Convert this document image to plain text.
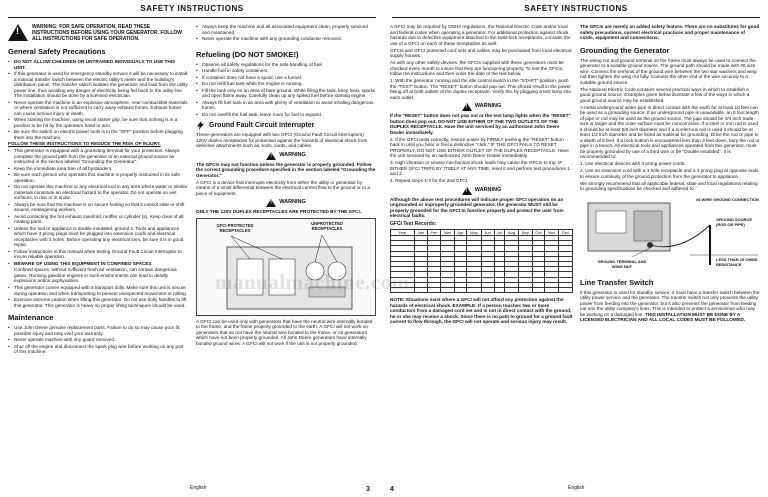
SAFETY INSTRUCTIONS
!
WARNING: FOR SAFE OPERATION, READ THESE INSTRUCTIONS BEFORE USING YOUR GENERATOR. FOLLOW ALL INSTRUCTIONS FOR SAFE OPERATION.
General Safety Precautions
• DO NOT ALLOW CHILDREN OR UNTRAINED INDIVIDUALS TO USE THIS UNIT.
• If this generator is used for emergency standby service it will be necessary to install a manual transfer switch between the electric utility's meter and the building's distribution panel. The transfer switch isolates the generator and load from the utility power line, thus avoiding any danger of electricity being fed back to the utility line. The installation should be done by a licensed electrician.
• Never operate the machine in an explosive atmosphere, near combustible materials or where ventilation is not sufficient to carry away exhaust fumes. Exhaust fumes can cause serious injury or death.
• When starting the machine, using recoil starter grip, be sure that nothing is in a position to be hit by the operators hand or arm.
• Be sure the switch on electric power tools is in the "OFF" position before plugging them into the machine.

FOLLOW THESE INSTRUCTIONS TO REDUCE THE RISK OF INJURY.

• This generator is equipped with a grounding terminal for your protection. Always complete the ground path from the generator to an external ground source as instructed in the section labeled "Grounding the Generator".
• Keep the immediate area free of all bystanders.
• Be sure each person who operates this machine is properly instructed in its safe operation.
• Do not operate this machine or any electrical tool in any area where water or similar materials constitute an electrical hazard to the operator. Do not operate on wet surfaces, in rain or in snow.
• Always be sure that the machine is on secure footing so that it cannot slide or shift around, endangering workers.
• Avoid contacting the hot exhaust manifold, muffler or cylinder (s). Keep clear of all rotating parts.
• Unless the tool or appliance is double insulated, ground it. Tools and appliances which have 3 prong plugs must be plugged into extension cords and electrical receptacles with 3 holes. Before operating any electrical item, be sure it is in good repair.
• Follow instructions in this manual when testing Ground Fault Circuit Interrupter to insure reliable operation.
• BEWARE OF USING THIS EQUIPMENT IN CONFINED SPACES

Confined spaces, without sufficient fresh air ventilation, can contain dangerous gases. Running gasoline engines in such environments can lead to deadly explosions and/or asphyxiation.

• This generator comes equipped with a transport dolly. Make sure this unit is secure during operation and when transporting to prevent unexpected movement or rolling.
• Exercise extreme caution when lifting this generator. Do not use dolly handles to lift this generator. This generator is heavy so proper lifting techniques should be used.
Maintenance
• Use John Deere genuine replacement parts. Failure to do so may cause poor fit, possible injury and may void your warranty.
• Never operate machine with any guard removed.
• Shut off the engine and disconnect the spark plug wire before working on any part of this machine.
• Always keep the machine and all associated equipment clean, properly serviced and maintained.
• Never operate the machine with any grounding conductor removed.
Refueling (DO NOT SMOKE!)
• Observe all safety regulations for the safe handling of fuel.
• Handle fuel in safety containers.
• If container does not have a spout, use a funnel.
• Do not refill fuel tank while the engine is running.
• Fill the tank only on an area of bare ground. While filling the tank, keep heat, sparks and open flame away. Carefully clean up any spilled fuel before starting engine.
• Always fill fuel tank in an area with plenty of ventilation to avoid inhaling dangerous fumes.
• Do not overfill the fuel tank, leave room for fuel to expand.
Ground Fault Circuit Interrupter

These generators are equipped with two GFCI (Ground Fault Circuit Interrupters) 120V duplex receptacles for protection against the hazards of electrical shock from defective attachments such as, tools, cords, and cables.

!
WARNING

The GFCIs may not function unless the generator is properly grounded. Follow the correct grounding procedure specified in the section labeled "Grounding the Generator."

A GFCI is a device that interrupts electricity from either the utility or generator by means of a small differential between the electrical current flow to the ground or to a piece of equipment.

!
WARNING

ONLY THE 120V DUPLEX RECEPTACLES ARE PROTECTED BY THE GFCI.

GFCI PROTECTED RECEPTACLES
UNPROTECTED RECEPTACLES

A GFCI can be used only with generators that have the neutral wire internally bonded to the frame, and the frame properly grounded to the earth. A GFCI will not work on generators that do not have the neutral wire bonded to the frame, or on generators which have not been properly grounded. All John Deere generators have internally bonded ground wires. A GFCI will not work if the unit is not properly grounded.

English	3
SAFETY INSTRUCTIONS

A GFCI may be required by OSHA regulations, the National Electric Code and/or local and federal codes when operating a generator. For additional protection against shock hazards due to defective equipment attached to the twist-lock receptacles, consider the use of a GFCI on each of these receptacles as well.

GFCIs and GFCI protected cord sets and cables may be purchased from local electrical supply houses.

As with any other safety devices, the GFCIs supplied with these generators must be checked every month to insure that they are functioning properly. To test the GFCIs, follow the instructions and then order the date of the test below.

1. With the generator running and the idle control switch in the "START" position, push the "TEST" button. The "RESET" button should pop out. This should result in the power being off at both outlets of the duplex receptacle. Verify this by plugging a test lamp into each outlet.

!
WARNING

If the "RESET" button does not pop out or the test lamp lights when the "RESET" button does pop out, DO NOT USE EITHER OF THE TWO OUTLETS OF THE DUPLEX RECEPTACLE. Have the unit serviced by an authorized John Deere Dealer immediately.

2. If the GFCI tests correctly, restore power by FIRMLY pushing the "RESET" button back in until you hear or feel a distinctive "click." IF THE GFCI FAILS TO RESET PROPERLY, DO NOT USE EITHER OUTLET OF THE DUPLEX RECEPTACLE. Have the unit serviced by an authorized John Deere Dealer immediately.

3. High vibration or severe mechanical shock loads may cause the GFCIs to trip. IF EITHER GFCI TRIPS BY ITSELF AT ANY TIME, reset it and perform test procedures 1. and 2.

4. Repeat steps 1-3 for the 2nd GFCI.

!
WARNING

Although the above test procedures will indicate proper GFCI operation on an ungrounded or improperly grounded generator, the generator MUST still be properly grounded for the GFCI to function properly and protect the user from electrical faults.

GFCI Test Records:

Year	Jan	Feb	Mar	Apr	May	Jun	Jul	Aug	Sep	Oct	Nov	Dec

NOTE: Situations exist where a GFCI will not afford any protection against the hazards of electrical shock. EXAMPLE: If a person touches two or more conductors from a damaged cord set and is not in direct contact with the ground, he or she may receive a shock. Since there is no path to ground for a ground fault current to flow through, the GFCI will not operate and serious injury may result.

The GFCIs are merely an added safety feature. There are no substitutes for good safety precautions, correct electrical practices and proper maintenance of cords, equipment and connections.

Grounding the Generator

The wiring nut and ground terminal on the frame must always be used to connect the generator to a suitable ground source. The ground path should be made with #8 size wire. Connect the terminal of the ground wire between the two star washers and wing nut then tighten the wing nut fully. Connect the other end of the wire securely to a suitable ground source.

The National Electric Code contains several practical ways in which to establish a good ground source. Examples given below illustrate a few of the ways in which a good ground source may be established.

A metal underground water pipe in direct contact with the earth for at least 10 feet can be used as a grounding source. If an underground pipe is unavailable, an 8 foot length of pipe or rod may be used as the ground source. The pipe should be 3/4 inch trade size or larger and the outer surface must be noncorrosive. If a steel or iron rod is used it should be at least 5/8 inch diameter and if a nonferrous rod is used it should be at least 1/2 inch diameter and be listed as material for grounding. Drive the rod or pipe to a depth of 8 feet. If a rock bottom is encountered less than 4 feet down, bury the rod or pipe in a trench. All electrical tools and appliances operated from this generator, must be properly grounded by use of a third wire or be "Double Insulated". It is recommended to:

1. Use electrical devices with 3 prong power cords.

2. Use an extension cord with a 3 hole receptacle and a 3 prong plug at opposite ends to ensure continuity of the ground protection from the generator to appliance.

We strongly recommend that all applicable federal, state and local regulations relating to grounding specifications be checked and adhered to.

#8 WIRE GROUND CONNECTION
GROUND SOURCE (ROD OR PIPE)
GROUND TERMINAL AND WING NUT
LESS THAN 25 OHMS RESISTANCE
Line Transfer Switch

If this generator is used for standby service, it must have a transfer switch between the utility power service and the generator. The transfer switch not only prevents the utility power from feeding into the generator, but it also prevents the generator from feeding out into the utility company's lines. This is intended to protect a serviceman who may be working on a damaged line. THIS INSTALLATION MUST BE DONE BY A LICENSED ELECTRICIAN AND ALL LOCAL CODES MUST BE FOLLOWED.

4	English
manualmachine.com
